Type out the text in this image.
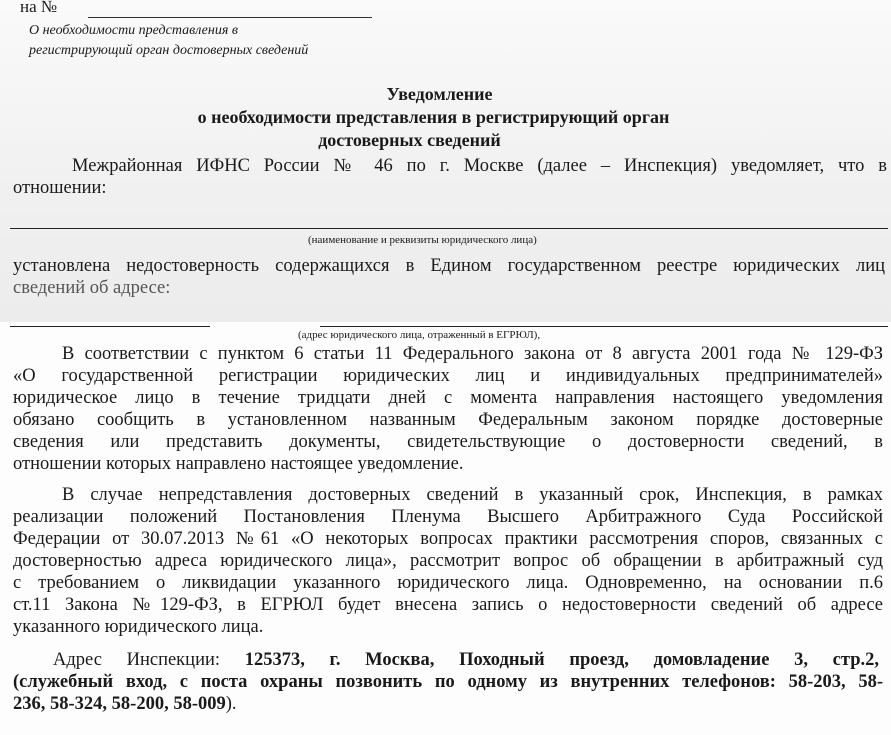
на №
О необходимости представления в регистрирующий орган достоверных сведений
Уведомление
о необходимости представления в регистрирующий орган
достоверных сведений
Межрайонная ИФНС России № 46 по г. Москве (далее – Инспекция) уведомляет, что в
отношении:
(наименование и реквизиты юридического лица)
установлена недостоверность содержащихся в Едином государственном реестре юридических лиц
сведений об адресе:
(адрес юридического лица, отраженный в ЕГРЮЛ),
В соответствии с пунктом 6 статьи 11 Федерального закона от 8 августа 2001 года № 129-ФЗ
«О государственной регистрации юридических лиц и индивидуальных предпринимателей»
юридическое лицо в течение тридцати дней с момента направления настоящего уведомления
обязано сообщить в установленном названным Федеральным законом порядке достоверные
сведения или представить документы, свидетельствующие о достоверности сведений, в
отношении которых направлено настоящее уведомление.
В случае непредставления достоверных сведений в указанный срок, Инспекция, в рамках
реализации положений Постановления Пленума Высшего Арбитражного Суда Российской
Федерации от 30.07.2013 №61 «О некоторых вопросах практики рассмотрения споров, связанных с
достоверностью адреса юридического лица», рассмотрит вопрос об обращении в арбитражный суд
с требованием о ликвидации указанного юридического лица. Одновременно, на основании п.6
ст.11 Закона №129-ФЗ, в ЕГРЮЛ будет внесена запись о недостоверности сведений об адресе
указанного юридического лица.
Адрес Инспекции: 125373, г. Москва, Походный проезд, домовладение 3, стр.2,
(служебный вход, с поста охраны позвонить по одному из внутренних телефонов: 58-203, 58-
236, 58-324, 58-200, 58-009).
